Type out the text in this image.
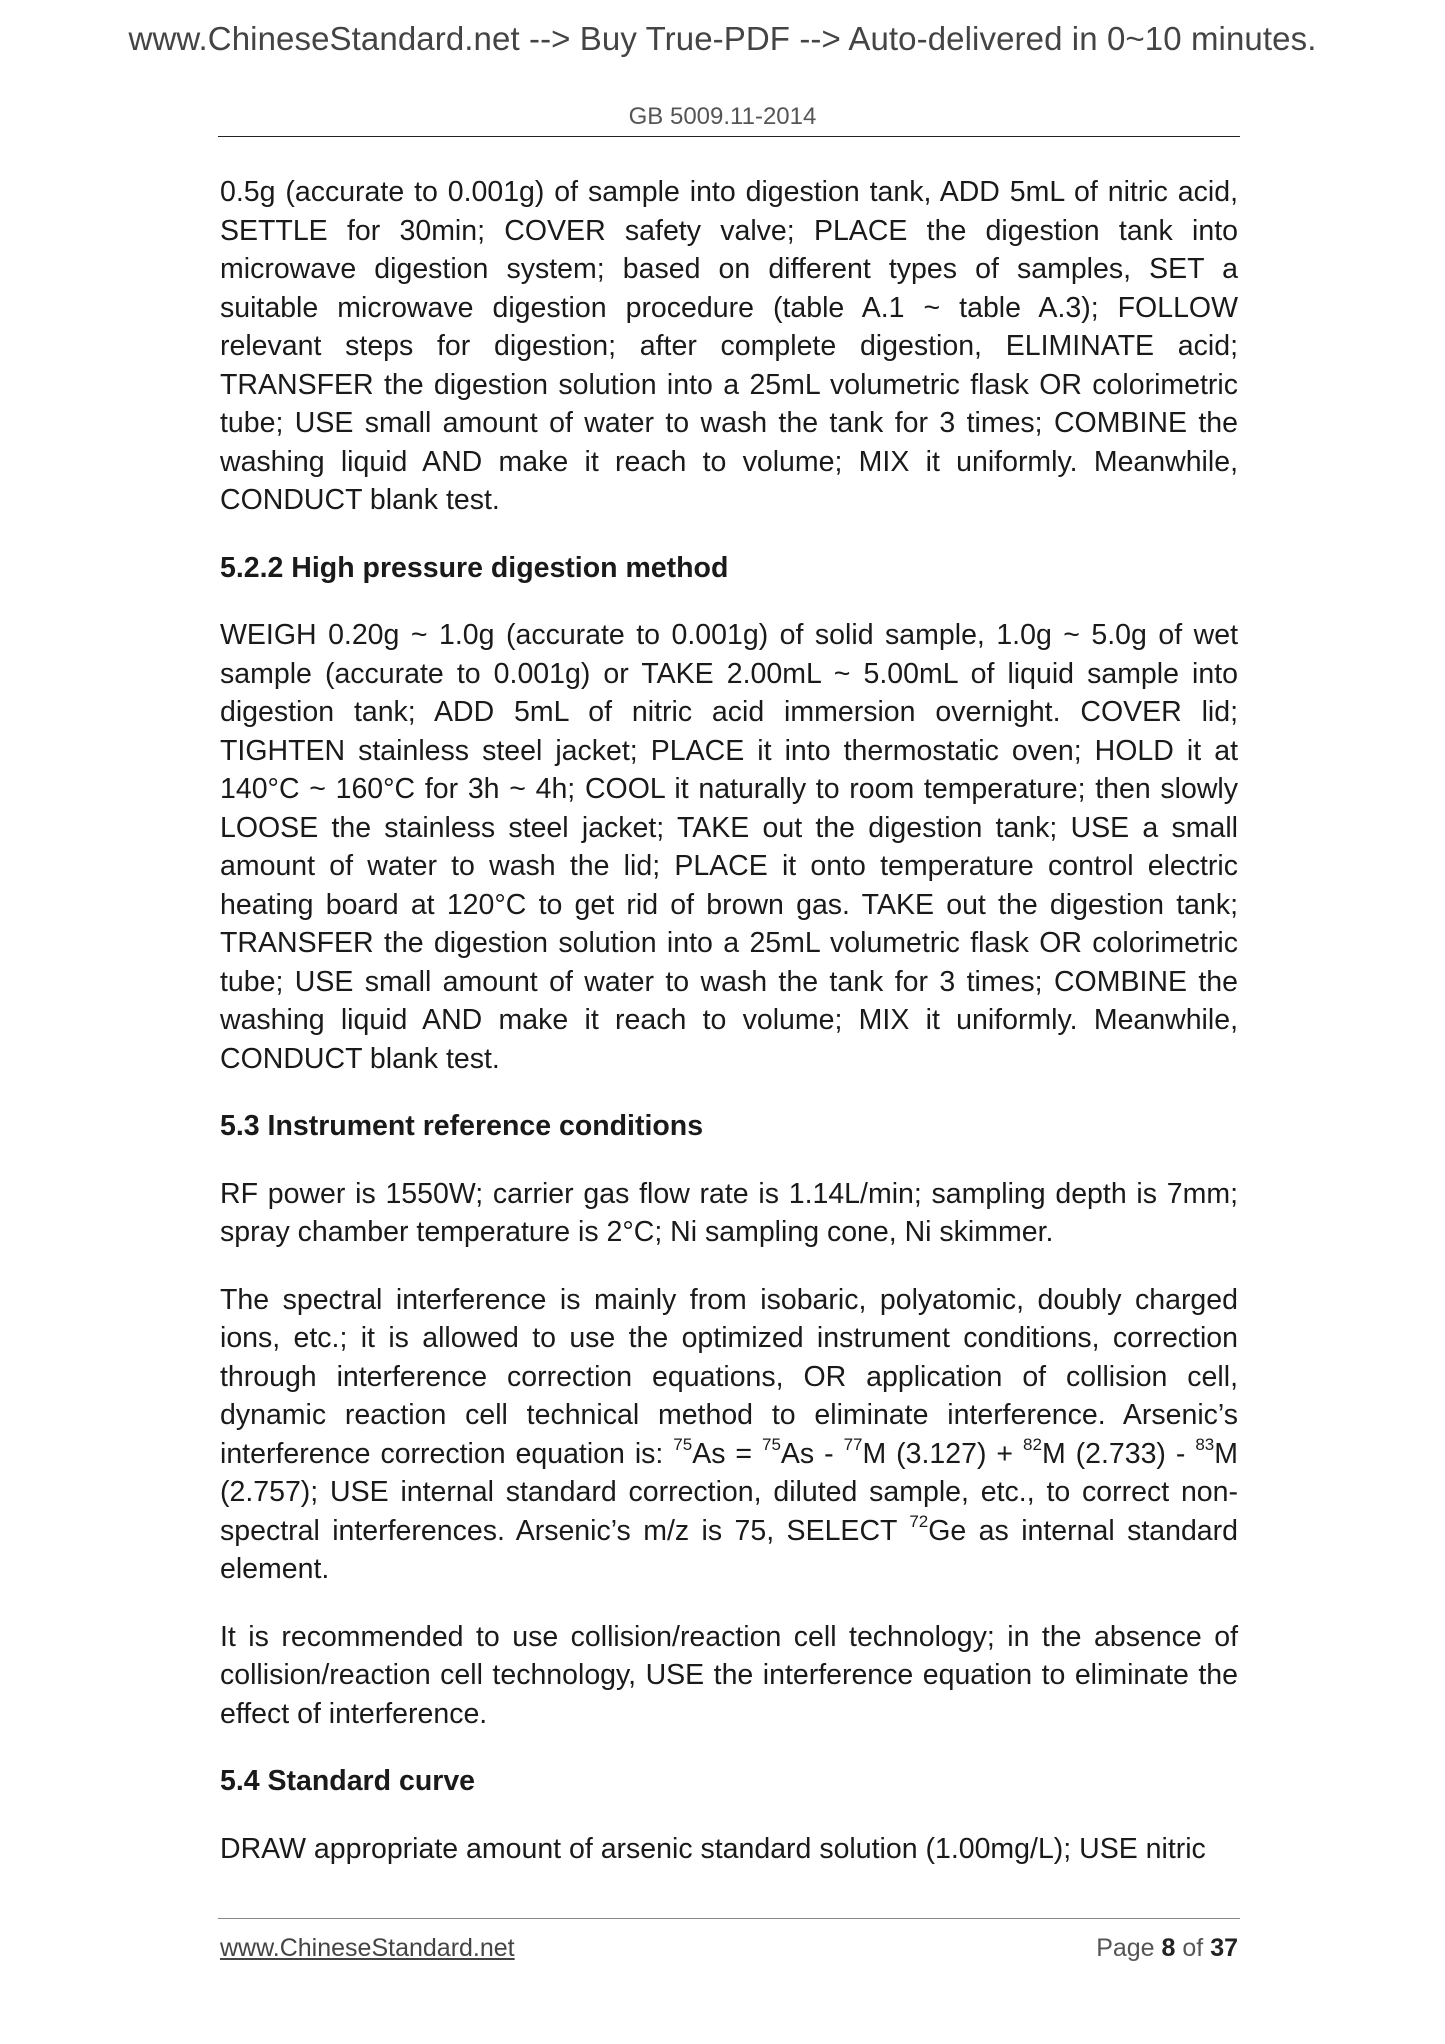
www.ChineseStandard.net --> Buy True-PDF --> Auto-delivered in 0~10 minutes.
GB 5009.11-2014

0.5g (accurate to 0.001g) of sample into digestion tank, ADD 5mL of nitric acid, SETTLE for 30min; COVER safety valve; PLACE the digestion tank into microwave digestion system; based on different types of samples, SET a suitable microwave digestion procedure (table A.1 ~ table A.3); FOLLOW relevant steps for digestion; after complete digestion, ELIMINATE acid; TRANSFER the digestion solution into a 25mL volumetric flask OR colorimetric tube; USE small amount of water to wash the tank for 3 times; COMBINE the washing liquid AND make it reach to volume; MIX it uniformly. Meanwhile, CONDUCT blank test.

5.2.2 High pressure digestion method

WEIGH 0.20g ~ 1.0g (accurate to 0.001g) of solid sample, 1.0g ~ 5.0g of wet sample (accurate to 0.001g) or TAKE 2.00mL ~ 5.00mL of liquid sample into digestion tank; ADD 5mL of nitric acid immersion overnight. COVER lid; TIGHTEN stainless steel jacket; PLACE it into thermostatic oven; HOLD it at 140°C ~ 160°C for 3h ~ 4h; COOL it naturally to room temperature; then slowly LOOSE the stainless steel jacket; TAKE out the digestion tank; USE a small amount of water to wash the lid; PLACE it onto temperature control electric heating board at 120°C to get rid of brown gas. TAKE out the digestion tank; TRANSFER the digestion solution into a 25mL volumetric flask OR colorimetric tube; USE small amount of water to wash the tank for 3 times; COMBINE the washing liquid AND make it reach to volume; MIX it uniformly. Meanwhile, CONDUCT blank test.

5.3 Instrument reference conditions

RF power is 1550W; carrier gas flow rate is 1.14L/min; sampling depth is 7mm; spray chamber temperature is 2°C; Ni sampling cone, Ni skimmer.

The spectral interference is mainly from isobaric, polyatomic, doubly charged ions, etc.; it is allowed to use the optimized instrument conditions, correction through interference correction equations, OR application of collision cell, dynamic reaction cell technical method to eliminate interference. Arsenic’s interference correction equation is: $^{75}$As = $^{75}$As - $^{77}$M (3.127) + $^{82}$M (2.733) - $^{83}$M (2.757); USE internal standard correction, diluted sample, etc., to correct non-spectral interferences. Arsenic’s m/z is 75, SELECT $^{72}$Ge as internal standard element.

It is recommended to use collision/reaction cell technology; in the absence of collision/reaction cell technology, USE the interference equation to eliminate the effect of interference.

5.4 Standard curve

DRAW appropriate amount of arsenic standard solution (1.00mg/L); USE nitric

www.ChineseStandard.net	Page 8 of 37
